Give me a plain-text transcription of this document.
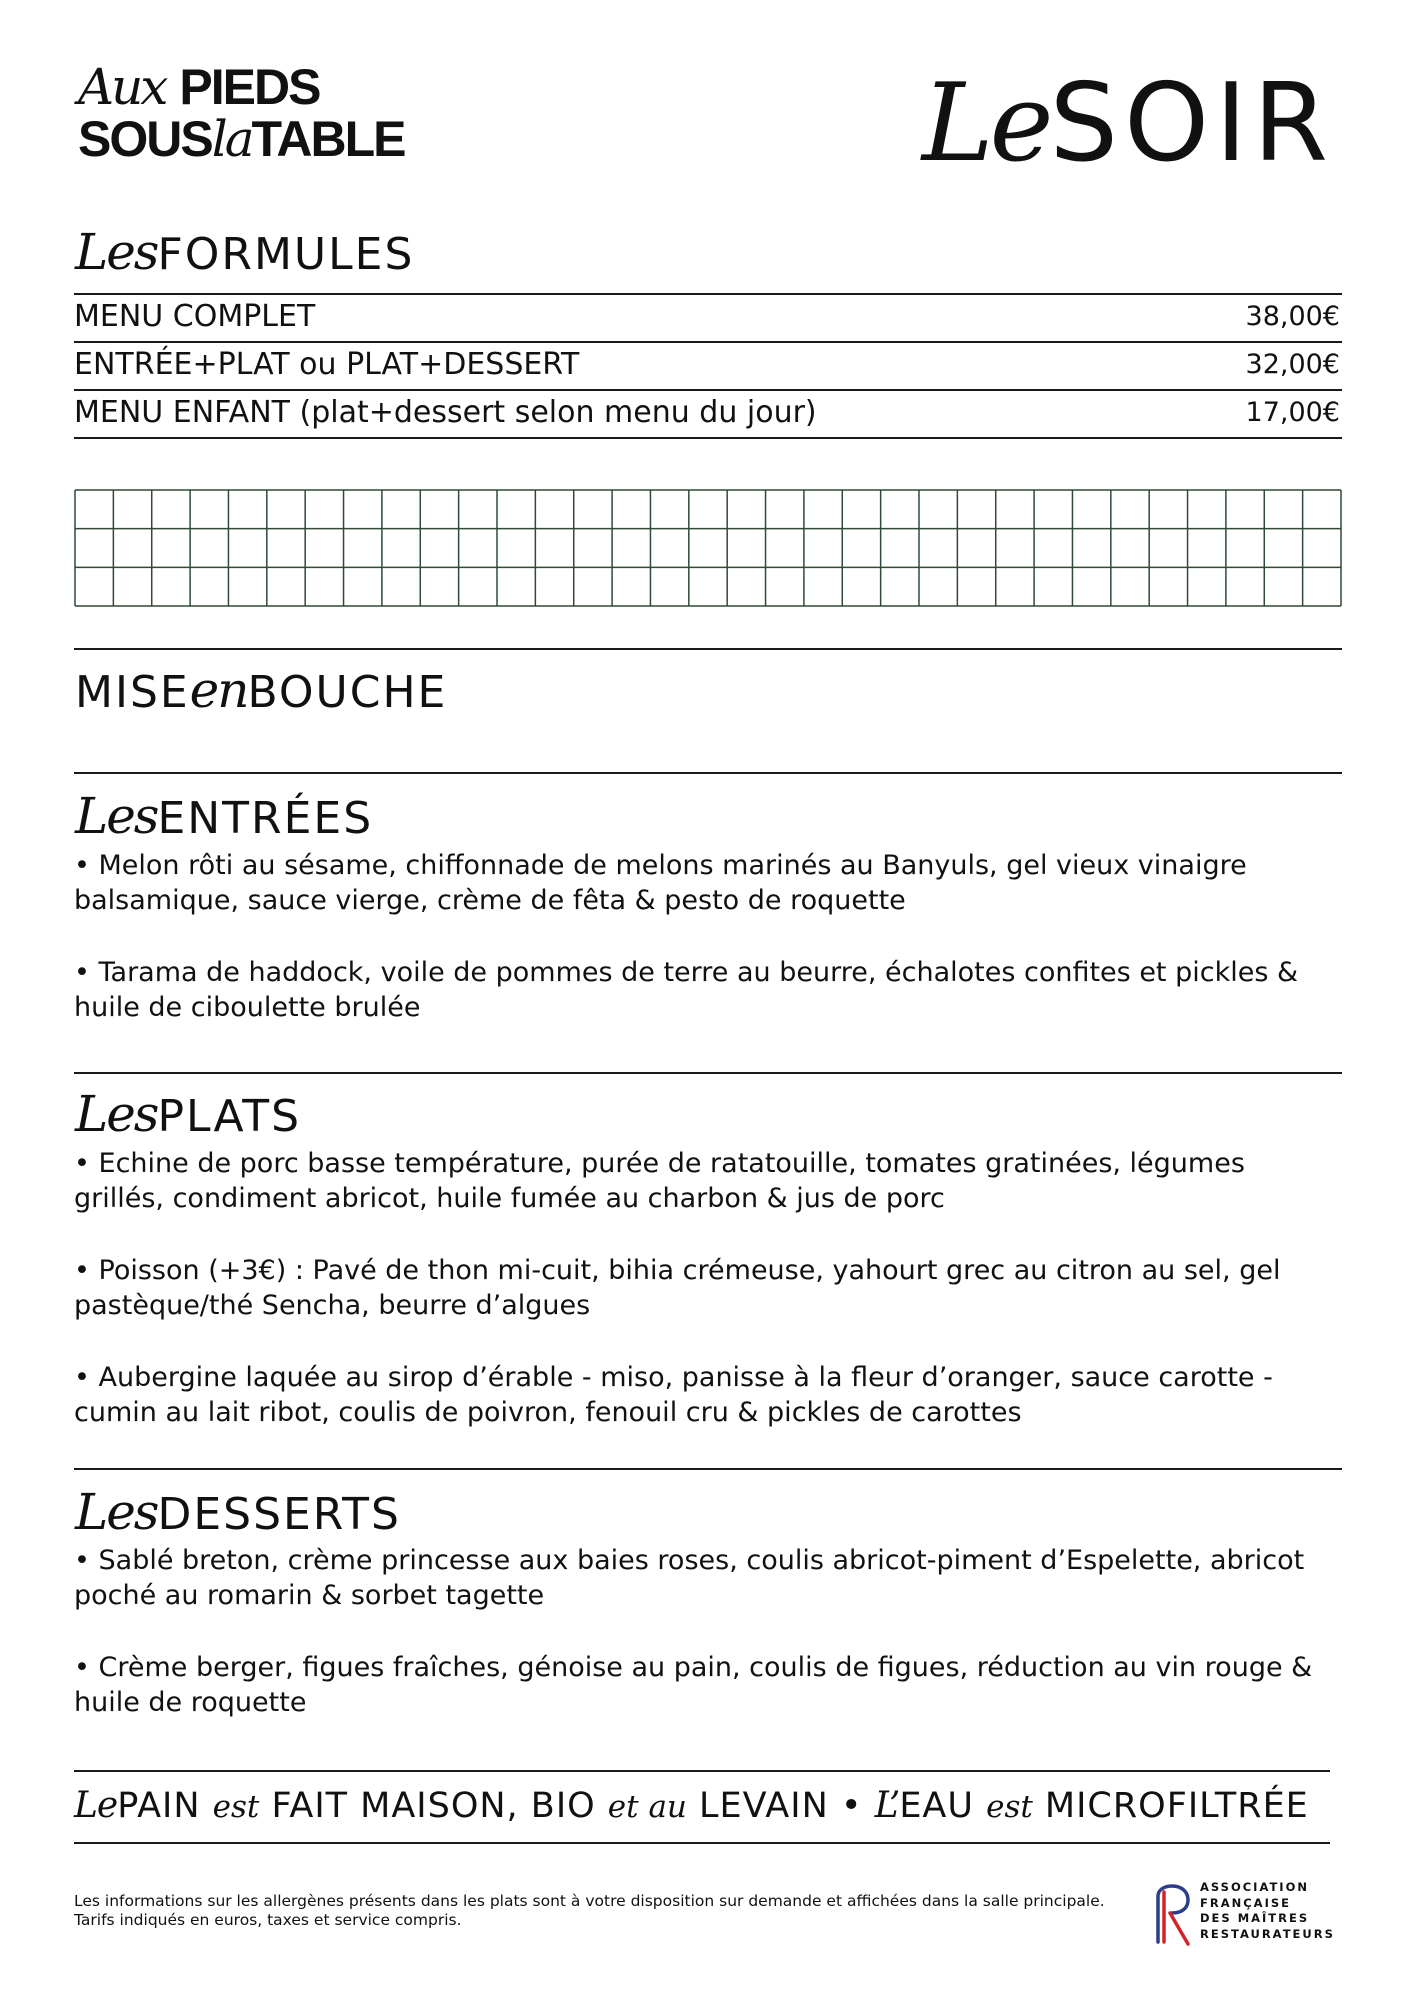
Aux PIEDS
SOUSlaTABLE	LeSOIR
LesFORMULES
MENU COMPLET	38,00€
ENTRÉE+PLAT ou PLAT+DESSERT	32,00€
MENU ENFANT (plat+dessert selon menu du jour)	17,00€
MISEenBOUCHE
LesENTRÉES

• Melon rôti au sésame, chiffonnade de melons marinés au Banyuls, gel vieux vinaigre balsamique, sauce vierge, crème de fêta & pesto de roquette

• Tarama de haddock, voile de pommes de terre au beurre, échalotes confites et pickles & huile de ciboulette brulée

LesPLATS

• Echine de porc basse température, purée de ratatouille, tomates gratinées, légumes grillés, condiment abricot, huile fumée au charbon & jus de porc

• Poisson (+3€) : Pavé de thon mi-cuit, bihia crémeuse, yahourt grec au citron au sel, gel pastèque/thé Sencha, beurre d’algues

• Aubergine laquée au sirop d’érable - miso, panisse à la fleur d’oranger, sauce carotte - cumin au lait ribot, coulis de poivron, fenouil cru & pickles de carottes

LesDESSERTS

• Sablé breton, crème princesse aux baies roses, coulis abricot-piment d’Espelette, abricot poché au romarin & sorbet tagette

• Crème berger, figues fraîches, génoise au pain, coulis de figues, réduction au vin rouge & huile de roquette

LePAIN est FAIT MAISON, BIO et au LEVAIN • L’EAU est MICROFILTRÉE
Les informations sur les allergènes présents dans les plats sont à votre disposition sur demande et affichées dans la salle principale.
Tarifs indiqués en euros, taxes et service compris.
ASSOCIATION
FRANÇAISE
DES MAÎTRES
RESTAURATEURS
